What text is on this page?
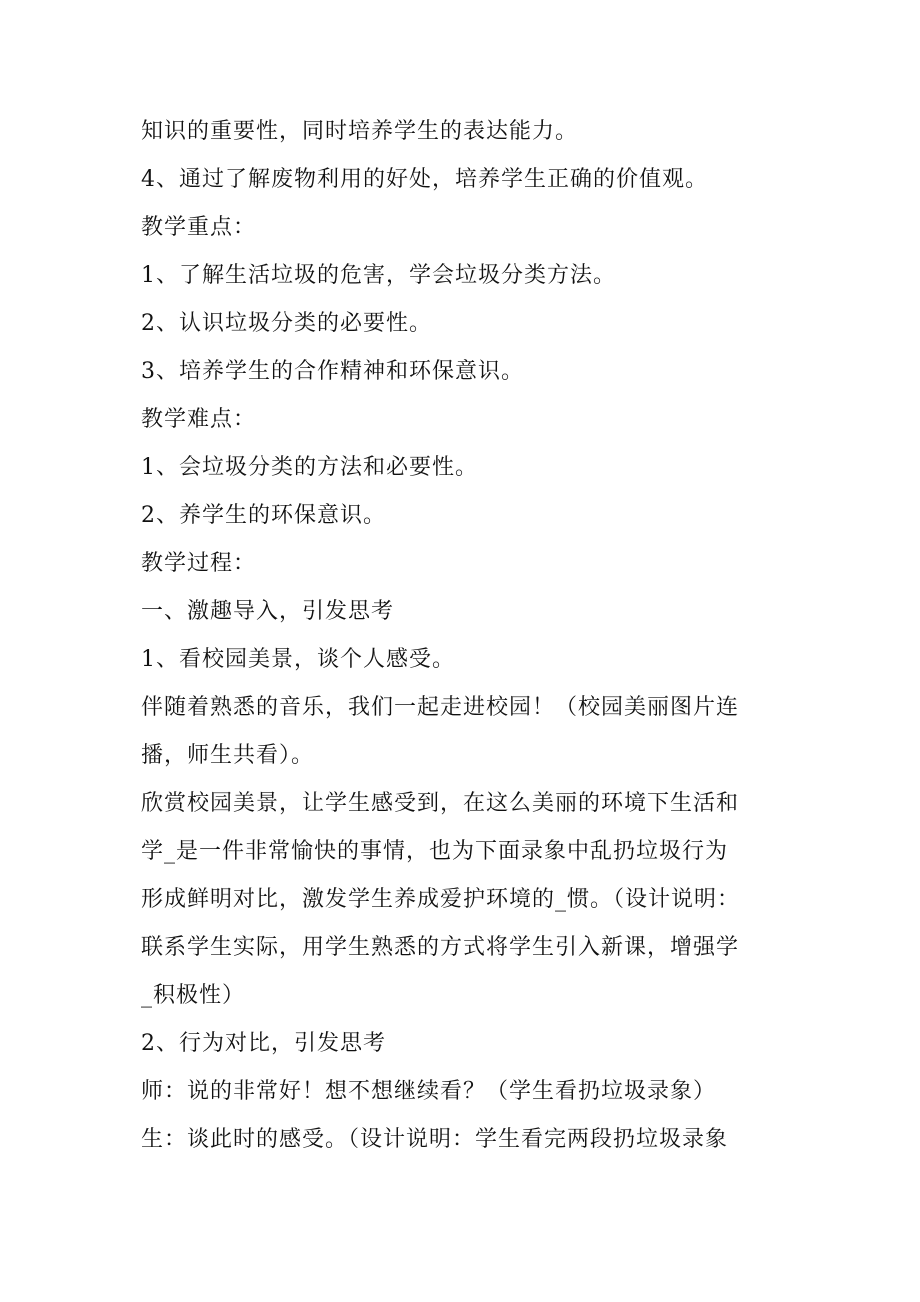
知识的重要性，同时培养学生的表达能力。
4、通过了解废物利用的好处，培养学生正确的价值观。
教学重点：
1、了解生活垃圾的危害，学会垃圾分类方法。
2、认识垃圾分类的必要性。
3、培养学生的合作精神和环保意识。
教学难点：
1、会垃圾分类的方法和必要性。
2、养学生的环保意识。
教学过程：
一、激趣导入，引发思考
1、看校园美景，谈个人感受。
伴随着熟悉的音乐，我们一起走进校园！（校园美丽图片连
播，师生共看）。
欣赏校园美景，让学生感受到，在这么美丽的环境下生活和
学_是一件非常愉快的事情，也为下面录象中乱扔垃圾行为
形成鲜明对比，激发学生养成爱护环境的_惯。（设计说明：
联系学生实际，用学生熟悉的方式将学生引入新课，增强学
_积极性）
2、行为对比，引发思考
师：说的非常好！想不想继续看？（学生看扔垃圾录象）
生：谈此时的感受。（设计说明：学生看完两段扔垃圾录象
